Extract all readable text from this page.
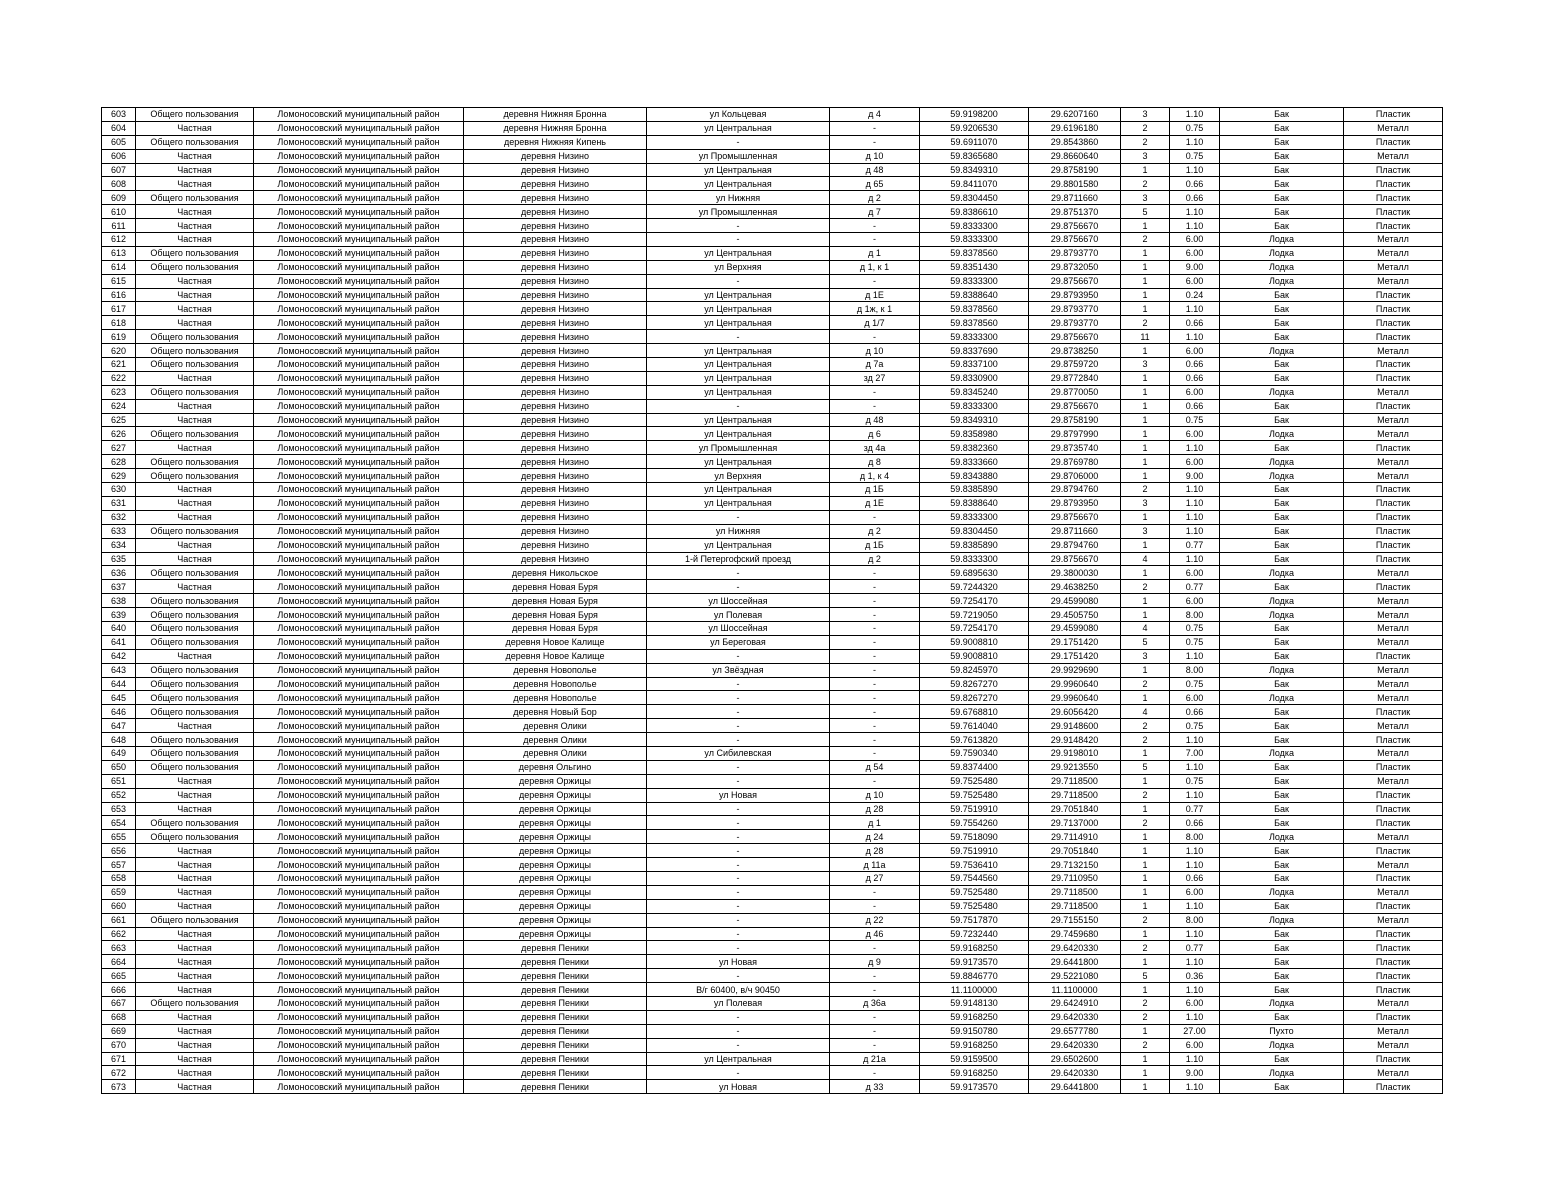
603	Общего пользования	Ломоносовский муниципальный район	деревня Нижняя Бронна	ул Кольцевая	д 4	59.9198200	29.6207160	3	1.10	Бак	Пластик
604	Частная	Ломоносовский муниципальный район	деревня Нижняя Бронна	ул Центральная	-	59.9206530	29.6196180	2	0.75	Бак	Металл
605	Общего пользования	Ломоносовский муниципальный район	деревня Нижняя Кипень	-	-	59.6911070	29.8543860	2	1.10	Бак	Пластик
606	Частная	Ломоносовский муниципальный район	деревня Низино	ул Промышленная	д 10	59.8365680	29.8660640	3	0.75	Бак	Металл
607	Частная	Ломоносовский муниципальный район	деревня Низино	ул Центральная	д 48	59.8349310	29.8758190	1	1.10	Бак	Пластик
608	Частная	Ломоносовский муниципальный район	деревня Низино	ул Центральная	д 65	59.8411070	29.8801580	2	0.66	Бак	Пластик
609	Общего пользования	Ломоносовский муниципальный район	деревня Низино	ул Нижняя	д 2	59.8304450	29.8711660	3	0.66	Бак	Пластик
610	Частная	Ломоносовский муниципальный район	деревня Низино	ул Промышленная	д 7	59.8386610	29.8751370	5	1.10	Бак	Пластик
611	Частная	Ломоносовский муниципальный район	деревня Низино	-	-	59.8333300	29.8756670	1	1.10	Бак	Пластик
612	Частная	Ломоносовский муниципальный район	деревня Низино	-	-	59.8333300	29.8756670	2	6.00	Лодка	Металл
613	Общего пользования	Ломоносовский муниципальный район	деревня Низино	ул Центральная	д 1	59.8378560	29.8793770	1	6.00	Лодка	Металл
614	Общего пользования	Ломоносовский муниципальный район	деревня Низино	ул Верхняя	д 1, к 1	59.8351430	29.8732050	1	9.00	Лодка	Металл
615	Частная	Ломоносовский муниципальный район	деревня Низино	-	-	59.8333300	29.8756670	1	6.00	Лодка	Металл
616	Частная	Ломоносовский муниципальный район	деревня Низино	ул Центральная	д 1Е	59.8388640	29.8793950	1	0.24	Бак	Пластик
617	Частная	Ломоносовский муниципальный район	деревня Низино	ул Центральная	д 1ж, к 1	59.8378560	29.8793770	1	1.10	Бак	Пластик
618	Частная	Ломоносовский муниципальный район	деревня Низино	ул Центральная	д 1/7	59.8378560	29.8793770	2	0.66	Бак	Пластик
619	Общего пользования	Ломоносовский муниципальный район	деревня Низино	-	-	59.8333300	29.8756670	11	1.10	Бак	Пластик
620	Общего пользования	Ломоносовский муниципальный район	деревня Низино	ул Центральная	д 10	59.8337690	29.8738250	1	6.00	Лодка	Металл
621	Общего пользования	Ломоносовский муниципальный район	деревня Низино	ул Центральная	д 7а	59.8337100	29.8759720	3	0.66	Бак	Пластик
622	Частная	Ломоносовский муниципальный район	деревня Низино	ул Центральная	зд 27	59.8330900	29.8772840	1	0.66	Бак	Пластик
623	Общего пользования	Ломоносовский муниципальный район	деревня Низино	ул Центральная	-	59.8345240	29.8770050	1	6.00	Лодка	Металл
624	Частная	Ломоносовский муниципальный район	деревня Низино	-	-	59.8333300	29.8756670	1	0.66	Бак	Пластик
625	Частная	Ломоносовский муниципальный район	деревня Низино	ул Центральная	д 48	59.8349310	29.8758190	1	0.75	Бак	Металл
626	Общего пользования	Ломоносовский муниципальный район	деревня Низино	ул Центральная	д 6	59.8358980	29.8797990	1	6.00	Лодка	Металл
627	Частная	Ломоносовский муниципальный район	деревня Низино	ул Промышленная	зд 4а	59.8382360	29.8735740	1	1.10	Бак	Пластик
628	Общего пользования	Ломоносовский муниципальный район	деревня Низино	ул Центральная	д 8	59.8333660	29.8769780	1	6.00	Лодка	Металл
629	Общего пользования	Ломоносовский муниципальный район	деревня Низино	ул Верхняя	д 1, к 4	59.8343880	29.8706000	1	9.00	Лодка	Металл
630	Частная	Ломоносовский муниципальный район	деревня Низино	ул Центральная	д 1Б	59.8385890	29.8794760	2	1.10	Бак	Пластик
631	Частная	Ломоносовский муниципальный район	деревня Низино	ул Центральная	д 1Е	59.8388640	29.8793950	3	1.10	Бак	Пластик
632	Частная	Ломоносовский муниципальный район	деревня Низино	-	-	59.8333300	29.8756670	1	1.10	Бак	Пластик
633	Общего пользования	Ломоносовский муниципальный район	деревня Низино	ул Нижняя	д 2	59.8304450	29.8711660	3	1.10	Бак	Пластик
634	Частная	Ломоносовский муниципальный район	деревня Низино	ул Центральная	д 1Б	59.8385890	29.8794760	1	0.77	Бак	Пластик
635	Частная	Ломоносовский муниципальный район	деревня Низино	1-й Петергофский проезд	д 2	59.8333300	29.8756670	4	1.10	Бак	Пластик
636	Общего пользования	Ломоносовский муниципальный район	деревня Никольское	-	-	59.6895630	29.3800030	1	6.00	Лодка	Металл
637	Частная	Ломоносовский муниципальный район	деревня Новая Буря	-	-	59.7244320	29.4638250	2	0.77	Бак	Пластик
638	Общего пользования	Ломоносовский муниципальный район	деревня Новая Буря	ул Шоссейная	-	59.7254170	29.4599080	1	6.00	Лодка	Металл
639	Общего пользования	Ломоносовский муниципальный район	деревня Новая Буря	ул Полевая	-	59.7219050	29.4505750	1	8.00	Лодка	Металл
640	Общего пользования	Ломоносовский муниципальный район	деревня Новая Буря	ул Шоссейная	-	59.7254170	29.4599080	4	0.75	Бак	Металл
641	Общего пользования	Ломоносовский муниципальный район	деревня Новое Калище	ул Береговая	-	59.9008810	29.1751420	5	0.75	Бак	Металл
642	Частная	Ломоносовский муниципальный район	деревня Новое Калище	-	-	59.9008810	29.1751420	3	1.10	Бак	Пластик
643	Общего пользования	Ломоносовский муниципальный район	деревня Новополье	ул Звёздная	-	59.8245970	29.9929690	1	8.00	Лодка	Металл
644	Общего пользования	Ломоносовский муниципальный район	деревня Новополье	-	-	59.8267270	29.9960640	2	0.75	Бак	Металл
645	Общего пользования	Ломоносовский муниципальный район	деревня Новополье	-	-	59.8267270	29.9960640	1	6.00	Лодка	Металл
646	Общего пользования	Ломоносовский муниципальный район	деревня Новый Бор	-	-	59.6768810	29.6056420	4	0.66	Бак	Пластик
647	Частная	Ломоносовский муниципальный район	деревня Олики	-	-	59.7614040	29.9148600	2	0.75	Бак	Металл
648	Общего пользования	Ломоносовский муниципальный район	деревня Олики	-	-	59.7613820	29.9148420	2	1.10	Бак	Пластик
649	Общего пользования	Ломоносовский муниципальный район	деревня Олики	ул Сибилевская	-	59.7590340	29.9198010	1	7.00	Лодка	Металл
650	Общего пользования	Ломоносовский муниципальный район	деревня Ольгино	-	д 54	59.8374400	29.9213550	5	1.10	Бак	Пластик
651	Частная	Ломоносовский муниципальный район	деревня Оржицы	-	-	59.7525480	29.7118500	1	0.75	Бак	Металл
652	Частная	Ломоносовский муниципальный район	деревня Оржицы	ул Новая	д 10	59.7525480	29.7118500	2	1.10	Бак	Пластик
653	Частная	Ломоносовский муниципальный район	деревня Оржицы	-	д 28	59.7519910	29.7051840	1	0.77	Бак	Пластик
654	Общего пользования	Ломоносовский муниципальный район	деревня Оржицы	-	д 1	59.7554260	29.7137000	2	0.66	Бак	Пластик
655	Общего пользования	Ломоносовский муниципальный район	деревня Оржицы	-	д 24	59.7518090	29.7114910	1	8.00	Лодка	Металл
656	Частная	Ломоносовский муниципальный район	деревня Оржицы	-	д 28	59.7519910	29.7051840	1	1.10	Бак	Пластик
657	Частная	Ломоносовский муниципальный район	деревня Оржицы	-	д 11а	59.7536410	29.7132150	1	1.10	Бак	Металл
658	Частная	Ломоносовский муниципальный район	деревня Оржицы	-	д 27	59.7544560	29.7110950	1	0.66	Бак	Пластик
659	Частная	Ломоносовский муниципальный район	деревня Оржицы	-	-	59.7525480	29.7118500	1	6.00	Лодка	Металл
660	Частная	Ломоносовский муниципальный район	деревня Оржицы	-	-	59.7525480	29.7118500	1	1.10	Бак	Пластик
661	Общего пользования	Ломоносовский муниципальный район	деревня Оржицы	-	д 22	59.7517870	29.7155150	2	8.00	Лодка	Металл
662	Частная	Ломоносовский муниципальный район	деревня Оржицы	-	д 46	59.7232440	29.7459680	1	1.10	Бак	Пластик
663	Частная	Ломоносовский муниципальный район	деревня Пеники	-	-	59.9168250	29.6420330	2	0.77	Бак	Пластик
664	Частная	Ломоносовский муниципальный район	деревня Пеники	ул Новая	д 9	59.9173570	29.6441800	1	1.10	Бак	Пластик
665	Частная	Ломоносовский муниципальный район	деревня Пеники	-	-	59.8846770	29.5221080	5	0.36	Бак	Пластик
666	Частная	Ломоносовский муниципальный район	деревня Пеники	В/г 60400, в/ч 90450	-	11.1100000	11.1100000	1	1.10	Бак	Пластик
667	Общего пользования	Ломоносовский муниципальный район	деревня Пеники	ул Полевая	д 36а	59.9148130	29.6424910	2	6.00	Лодка	Металл
668	Частная	Ломоносовский муниципальный район	деревня Пеники	-	-	59.9168250	29.6420330	2	1.10	Бак	Пластик
669	Частная	Ломоносовский муниципальный район	деревня Пеники	-	-	59.9150780	29.6577780	1	27.00	Пухто	Металл
670	Частная	Ломоносовский муниципальный район	деревня Пеники	-	-	59.9168250	29.6420330	2	6.00	Лодка	Металл
671	Частная	Ломоносовский муниципальный район	деревня Пеники	ул Центральная	д 21а	59.9159500	29.6502600	1	1.10	Бак	Пластик
672	Частная	Ломоносовский муниципальный район	деревня Пеники	-	-	59.9168250	29.6420330	1	9.00	Лодка	Металл
673	Частная	Ломоносовский муниципальный район	деревня Пеники	ул Новая	д 33	59.9173570	29.6441800	1	1.10	Бак	Пластик
